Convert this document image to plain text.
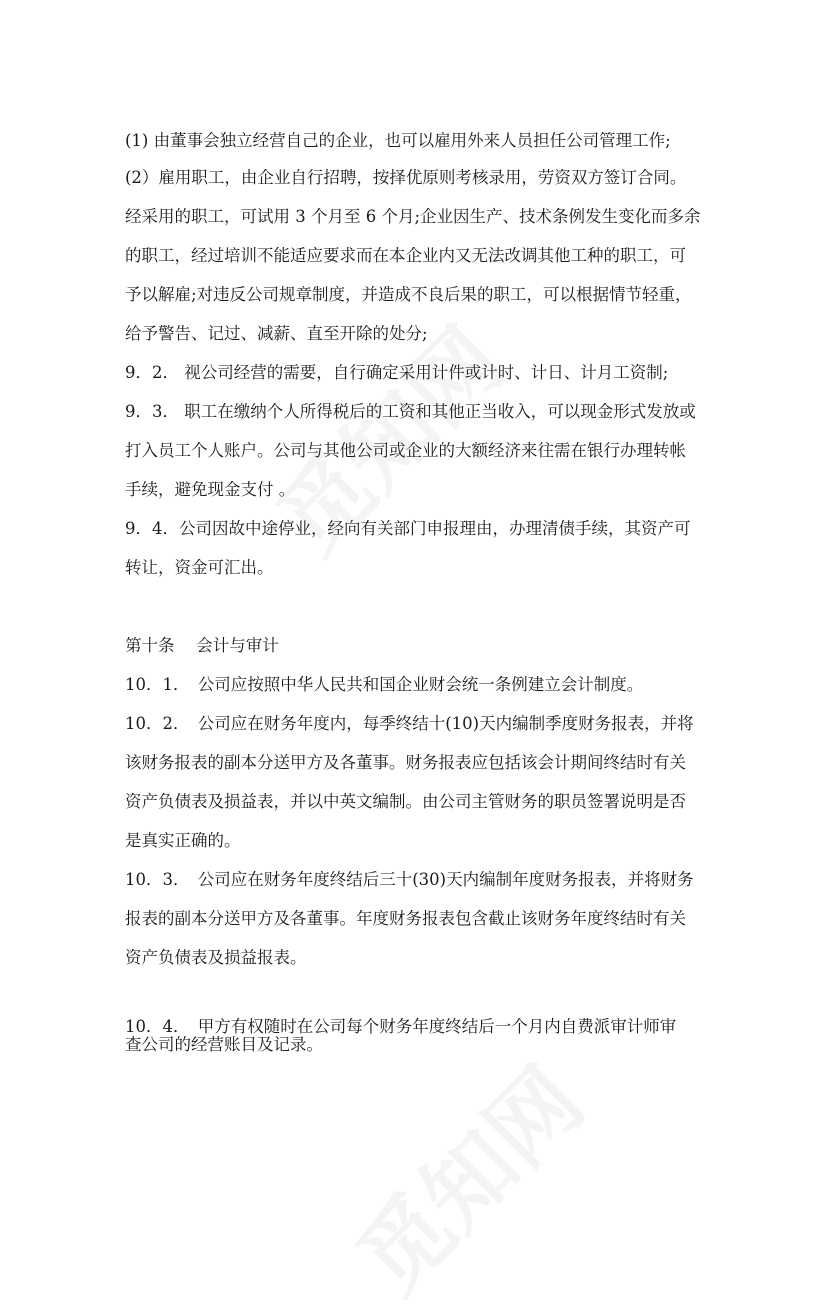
(1) 由董事会独立经营自己的企业，也可以雇用外来人员担任公司管理工作;

(2）雇用职工，由企业自行招聘，按择优原则考核录用，劳资双方签订合同。

经采用的职工，可试用 3 个月至 6 个月;企业因生产、技术条例发生变化而多余

的职工，经过培训不能适应要求而在本企业内又无法改调其他工种的职工，可

予以解雇;对违反公司规章制度，并造成不良后果的职工，可以根据情节轻重，

给予警告、记过、减薪、直至开除的处分;

9．2． 视公司经营的需要，自行确定采用计件或计时、计日、计月工资制;

9．3． 职工在缴纳个人所得税后的工资和其他正当收入，可以现金形式发放或

打入员工个人账户。公司与其他公司或企业的大额经济来往需在银行办理转帐

手续，避免现金支付 。

9．4．公司因故中途停业，经向有关部门申报理由，办理清债手续，其资产可

转让，资金可汇出。

第十条　 会计与审计

10．1．　公司应按照中华人民共和国企业财会统一条例建立会计制度。

10．2．　公司应在财务年度内，每季终结十(10)天内编制季度财务报表，并将

该财务报表的副本分送甲方及各董事。财务报表应包括该会计期间终结时有关

资产负债表及损益表，并以中英文编制。由公司主管财务的职员签署说明是否

是真实正确的。

10．3．　公司应在财务年度终结后三十(30)天内编制年度财务报表，并将财务

报表的副本分送甲方及各董事。年度财务报表包含截止该财务年度终结时有关

资产负债表及损益报表。

10．4．　甲方有权随时在公司每个财务年度终结后一个月内自费派审计师审

查公司的经营账目及记录。
